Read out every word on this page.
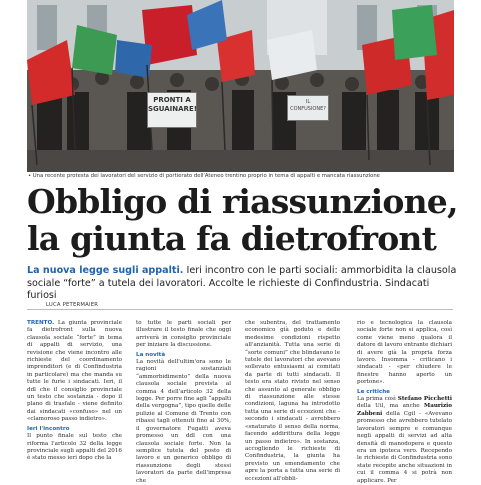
PRONTI A SGUAINARE!
IL CONFUSIONE?
• Una recente protesta dei lavoratori del servizio di portierato dell'Ateneo trentino proprio in tema di appalti e mancata riassunzione
Obbligo di riassunzione,
la giunta fa dietrofront
La nuova legge sugli appalti. Ieri incontro con le parti sociali: ammorbidita la clausola sociale “forte” a tutela dei lavoratori. Accolte le richieste di Confindustria. Sindacati furiosi
LUCA PETERMAIER

TRENTO. La giunta provinciale fa dietrofront sulla nuova clausola sociale “forte” in tema di appalti di servizio, una revisione che viene incontro alle richieste del coordinamento imprenditori (e di Confindustria in particolare) ma che manda su tutte le furie i sindacati. Ieri, il ddl che il consiglio provinciale un testo che sostanzia - dopo il plano di trasfale - viene definito dai sindacati «confuso» nel un «clamoroso passo indietro».

Ieri l'incontro

Il punto finale sul testo che riforma l'articolo 32 della legge provinciale sugli appalti del 2016 è stato messo ieri dopo che la

to tutte le parti sociali per illustrare il testo finale che oggi arriverà in consiglio provinciale per iniziare la discussione.

La novità

La novità dell'ultim'ora sono le ragioni sostanziali “ammorbidimento” della nuova clausola sociale prevista al comma 4 dell'articolo 32 della legge. Per porre fine agli “appalti della vergogna”, tipo quelle delle pulizie al Comune di Trento con ribassi tagli ottenuti fino al 30%, il governatore Fugatti aveva promesso un ddl con una clausola sociale forte. Non la semplice tutela del posto di lavoro e un generico obbligo di riassunzione degli stessi lavoratori da parte dell'impresa che

che subentra, del trattamento economico già goduto e delle medesime condizioni rispetto all'anzianità. Tutta una serie di “sorte comuni” che blindavano le tutele dei lavoratori che avevano sollevato entusiasmi ai comitati da parte di tutti sindacati. Il testo era stato rivisto nel senso che assunto al generale obbligo di riassunzione alle stesse condizioni, laguna ha introdotto tutta una serie di eccezioni che - secondo i sindacati - avrebbero «snaturato il senso della norma, facendo addirittura della legge un passo indietro». In sostanza, accogliendo le richieste di Confindustria, la giunta ha previsto un emendamento che apre la porta a tutta una serie di eccezioni all'obbli-

rio e tecnologica la clausola sociale forte non si applica, così come viene meno qualora il datore di lavoro entrante dichiari di avere già la propria forza lavoro. Insomma - criticano i sindacati - «per chiudere le finestre hanno aperto un portone».

Le critiche

La prima così Stefano Picchetti della Uil, ma anche Maurizio Zabbeni della Cgil - «Avevano promesso che avrebbero tutelato lavoratori sempre e comunque negli appalti di servizi ad alta densità di manodopera e questo era un ipoteca vero. Recependo le richieste di Confindustria sono state recepite anche situazioni in cui il comma 4 si potrà non applicare. Per
